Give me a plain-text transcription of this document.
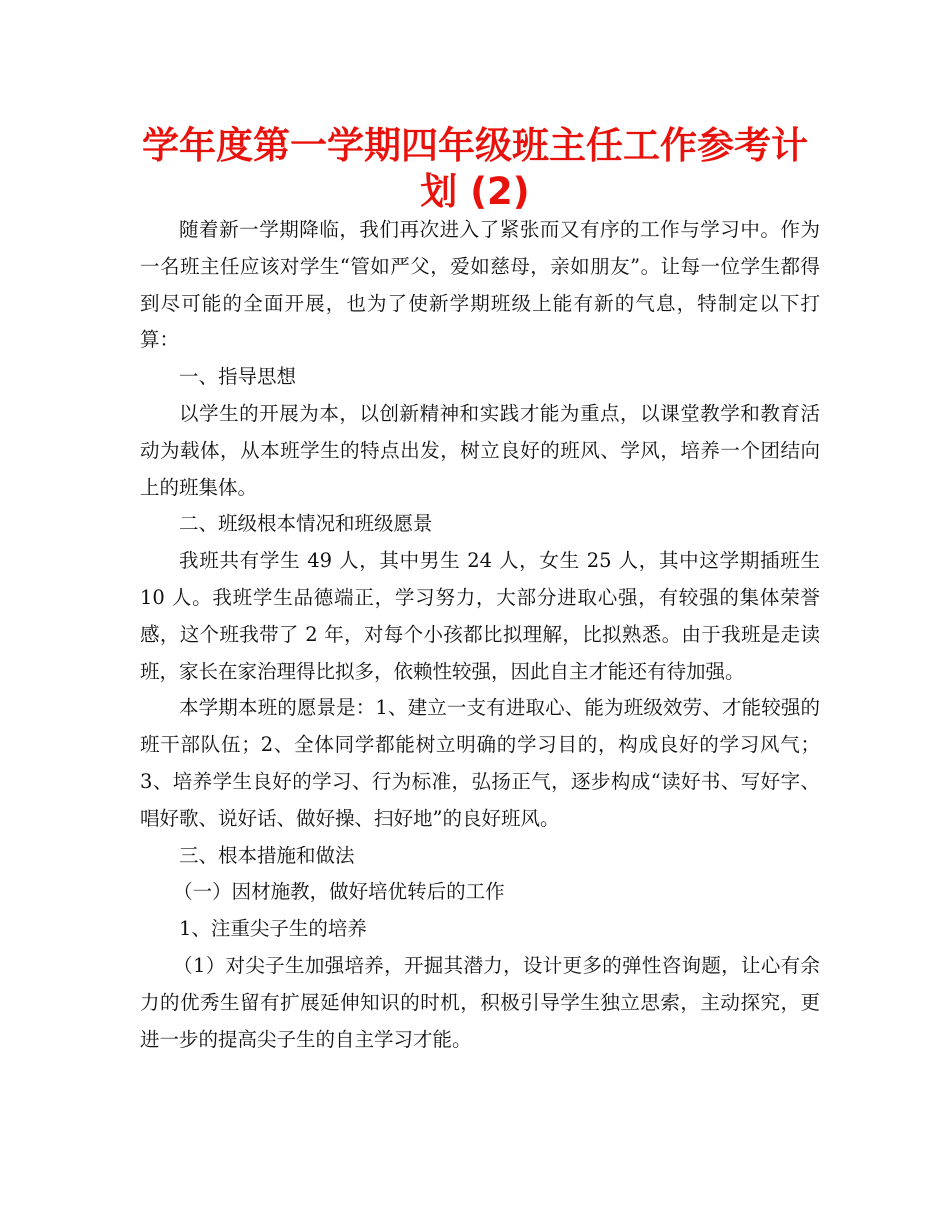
学年度第一学期四年级班主任工作参考计
划 (2)

随着新一学期降临，我们再次进入了紧张而又有序的工作与学习中。作为一名班主任应该对学生“管如严父，爱如慈母，亲如朋友”。让每一位学生都得到尽可能的全面开展，也为了使新学期班级上能有新的气息，特制定以下打算：

一、指导思想

以学生的开展为本，以创新精神和实践才能为重点，以课堂教学和教育活动为载体，从本班学生的特点出发，树立良好的班风、学风，培养一个团结向上的班集体。

二、班级根本情况和班级愿景

我班共有学生 49 人，其中男生 24 人，女生 25 人，其中这学期插班生 10 人。我班学生品德端正，学习努力，大部分进取心强，有较强的集体荣誉感，这个班我带了 2 年，对每个小孩都比拟理解，比拟熟悉。由于我班是走读班，家长在家治理得比拟多，依赖性较强，因此自主才能还有待加强。

本学期本班的愿景是：1、建立一支有进取心、能为班级效劳、才能较强的班干部队伍；2、全体同学都能树立明确的学习目的，构成良好的学习风气；3、培养学生良好的学习、行为标准，弘扬正气，逐步构成“读好书、写好字、唱好歌、说好话、做好操、扫好地”的良好班风。

三、根本措施和做法

（一）因材施教，做好培优转后的工作

1、注重尖子生的培养

（1）对尖子生加强培养，开掘其潜力，设计更多的弹性咨询题，让心有余力的优秀生留有扩展延伸知识的时机，积极引导学生独立思索，主动探究，更进一步的提高尖子生的自主学习才能。
